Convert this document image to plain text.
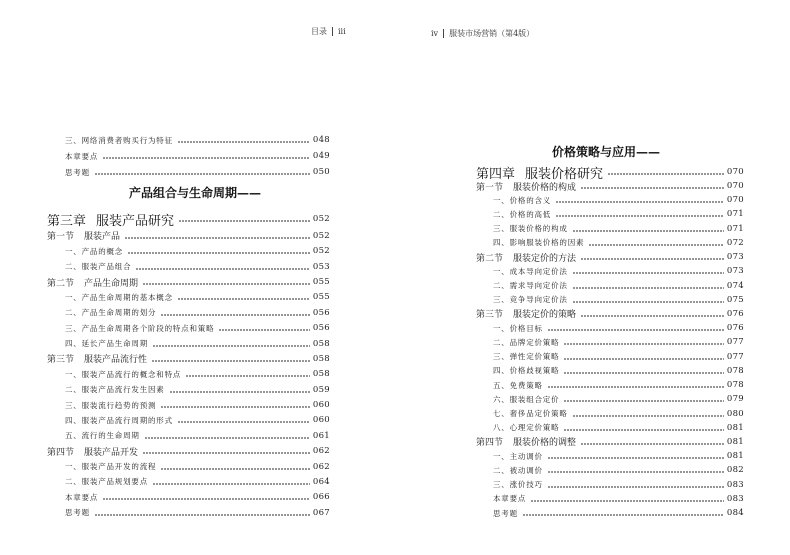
目录 iii	iv 服装市场营销（第4版）
三、网络消费者购买行为特征	048
本章要点	049
思考题	050
产品组合与生命周期——
第三章 服装产品研究	052
第一节 服装产品	052
一、产品的概念	052
二、服装产品组合	053
第二节 产品生命周期	055
一、产品生命周期的基本概念	055
二、产品生命周期的划分	056
三、产品生命周期各个阶段的特点和策略	056
四、延长产品生命周期	058
第三节 服装产品流行性	058
一、服装产品流行的概念和特点	058
二、服装产品流行发生因素	059
三、服装流行趋势的预测	060
四、服装产品流行周期的形式	060
五、流行的生命周期	061
第四节 服装产品开发	062
一、服装产品开发的流程	062
二、服装产品规划要点	064
本章要点	066
思考题	067
价格策略与应用——
第四章 服装价格研究	070
第一节 服装价格的构成	070
一、价格的含义	070
二、价格的高低	071
三、服装价格的构成	071
四、影响服装价格的因素	072
第二节 服装定价的方法	073
一、成本导向定价法	073
二、需求导向定价法	074
三、竞争导向定价法	075
第三节 服装定价的策略	076
一、价格目标	076
二、品牌定价策略	077
三、弹性定价策略	077
四、价格歧视策略	078
五、免费策略	078
六、服装组合定价	079
七、奢侈品定价策略	080
八、心理定价策略	081
第四节 服装价格的调整	081
一、主动调价	081
二、被动调价	082
三、涨价技巧	083
本章要点	083
思考题	084
